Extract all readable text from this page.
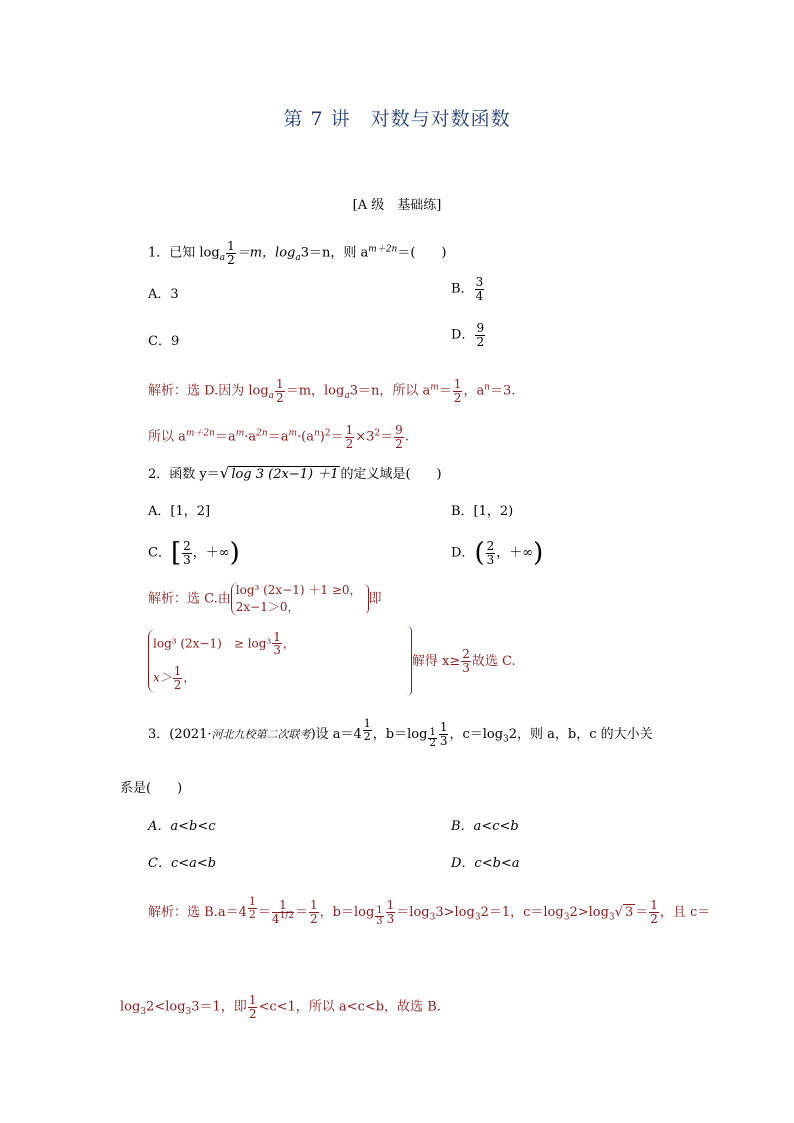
第 7 讲　对数与对数函数
[A 级　基础练]
1．已知 $\log_a \frac{1}{2} =m$，$\log_a3=n$，则 $a^{m+2n}=$(　　)
A．3	B． $\frac{3}{4}$
C．9	D． $\frac{9}{2}$
解析：选 D.因为 $\log_a \frac{1}{2} =m$，$\log_a3=n$，所以 $a^m= \frac{1}{2}$ ，$a^n=3$.
所以 $a^{m+2n}=a^m\cdot a^{2n}=a^m\cdot(a^n)^2= \frac{1}{2} \times 3^2= \frac{9}{2}$ .
2．函数 y＝√ log 3 (2x−1) ＋1 的定义域是(　　)
A．[1，2]	B．[1，2)
C．[ $\frac{2}{3}$ ，＋∞)	D．( $\frac{2}{3}$ ，＋∞)
解析：选 C.由
log³ (2x−1) ＋1 ≥0，
2x−1＞0，
即
log³ (2x−1)　≥ $\log^3 \frac{1}{3}$ ，
$x> \frac{1}{2}$ ，
解得 $x\ge \frac{2}{3}$ 故选 C.
3．(2021·河北九校第二次联考)设 a＝4 $^{\frac{1}{2}}$ ，b＝log $_{\frac{1}{2}} \frac{1}{3}$ ，$c=\log_32$，则 a，b，c 的大小关
系是(　　)
A．a<b<c	B．a<c<b
C．c<a<b	D．c<b<a
解析：选 B.a＝4 $^{\frac{1}{2}} = \frac{1}{4^{1/2}} = \frac{1}{2}$ ，b＝log $_{\frac{1}{3}} \frac{1}{3} =\log_33>\log_32=1$，$c=\log_32>\log_3√$ $3 = \frac{1}{2}$ ，且 c＝
$\log_32<\log_33=1$，即 $\frac{1}{2} <c<1$，所以 a<c<b，故选 B.
